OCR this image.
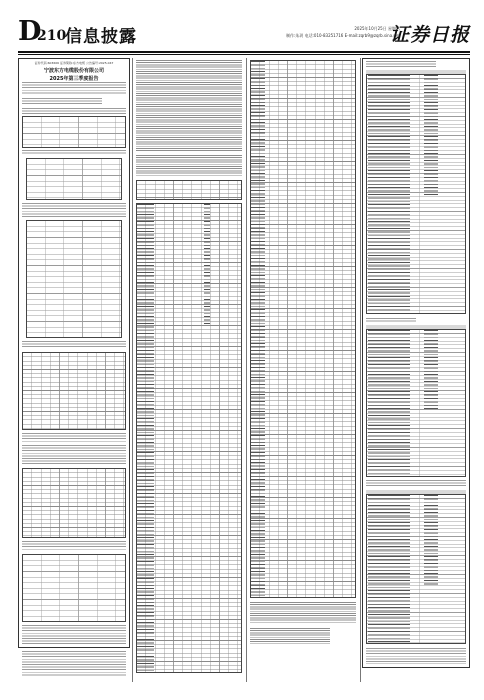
D
210
信息披露	2025年10月25日 星期六
制作:朱玥 电话:010-83251716 E-mail:zqrb9@zqrb.sina.net
证券日报
证券代码:603606 证券简称:东方电缆 公告编号:2025-047
宁波东方电缆股份有限公司
2025年第三季度报告
